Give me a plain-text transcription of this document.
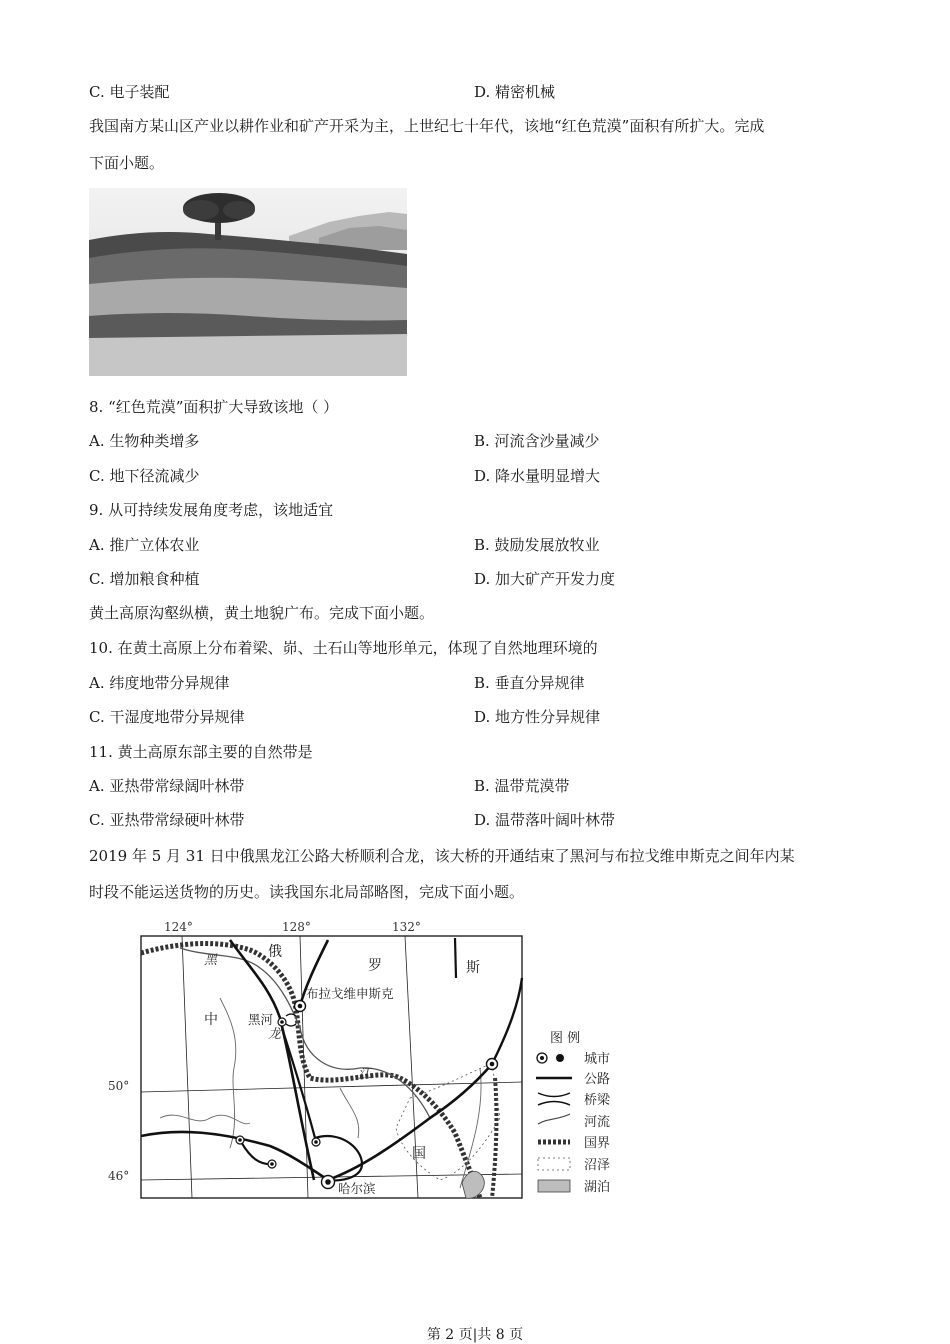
C. 电子装配	D. 精密机械
我国南方某山区产业以耕作业和矿产开采为主，上世纪七十年代，该地“红色荒漠”面积有所扩大。完成
下面小题。
8. “红色荒漠”面积扩大导致该地（ ）
A. 生物种类增多	B. 河流含沙量减少
C. 地下径流减少	D. 降水量明显增大
9. 从可持续发展角度考虑，该地适宜
A. 推广立体农业	B. 鼓励发展放牧业
C. 增加粮食种植	D. 加大矿产开发力度
黄土高原沟壑纵横，黄土地貌广布。完成下面小题。
10. 在黄土高原上分布着梁、峁、土石山等地形单元，体现了自然地理环境的
A. 纬度地带分异规律	B. 垂直分异规律
C. 干湿度地带分异规律	D. 地方性分异规律
11. 黄土高原东部主要的自然带是
A. 亚热带常绿阔叶林带	B. 温带荒漠带
C. 亚热带常绿硬叶林带	D. 温带落叶阔叶林带
2019 年 5 月 31 日中俄黑龙江公路大桥顺利合龙，该大桥的开通结束了黑河与布拉戈维申斯克之间年内某
时段不能运送货物的历史。读我国东北局部略图，完成下面小题。
124°	128°	132°
50°
46°
俄
罗	斯
中
国
黑
龙
江
布拉戈维申斯克
黑河
哈尔滨
图 例
城市
公路
桥梁
河流
国界
沼泽
湖泊
第 2 页|共 8 页
